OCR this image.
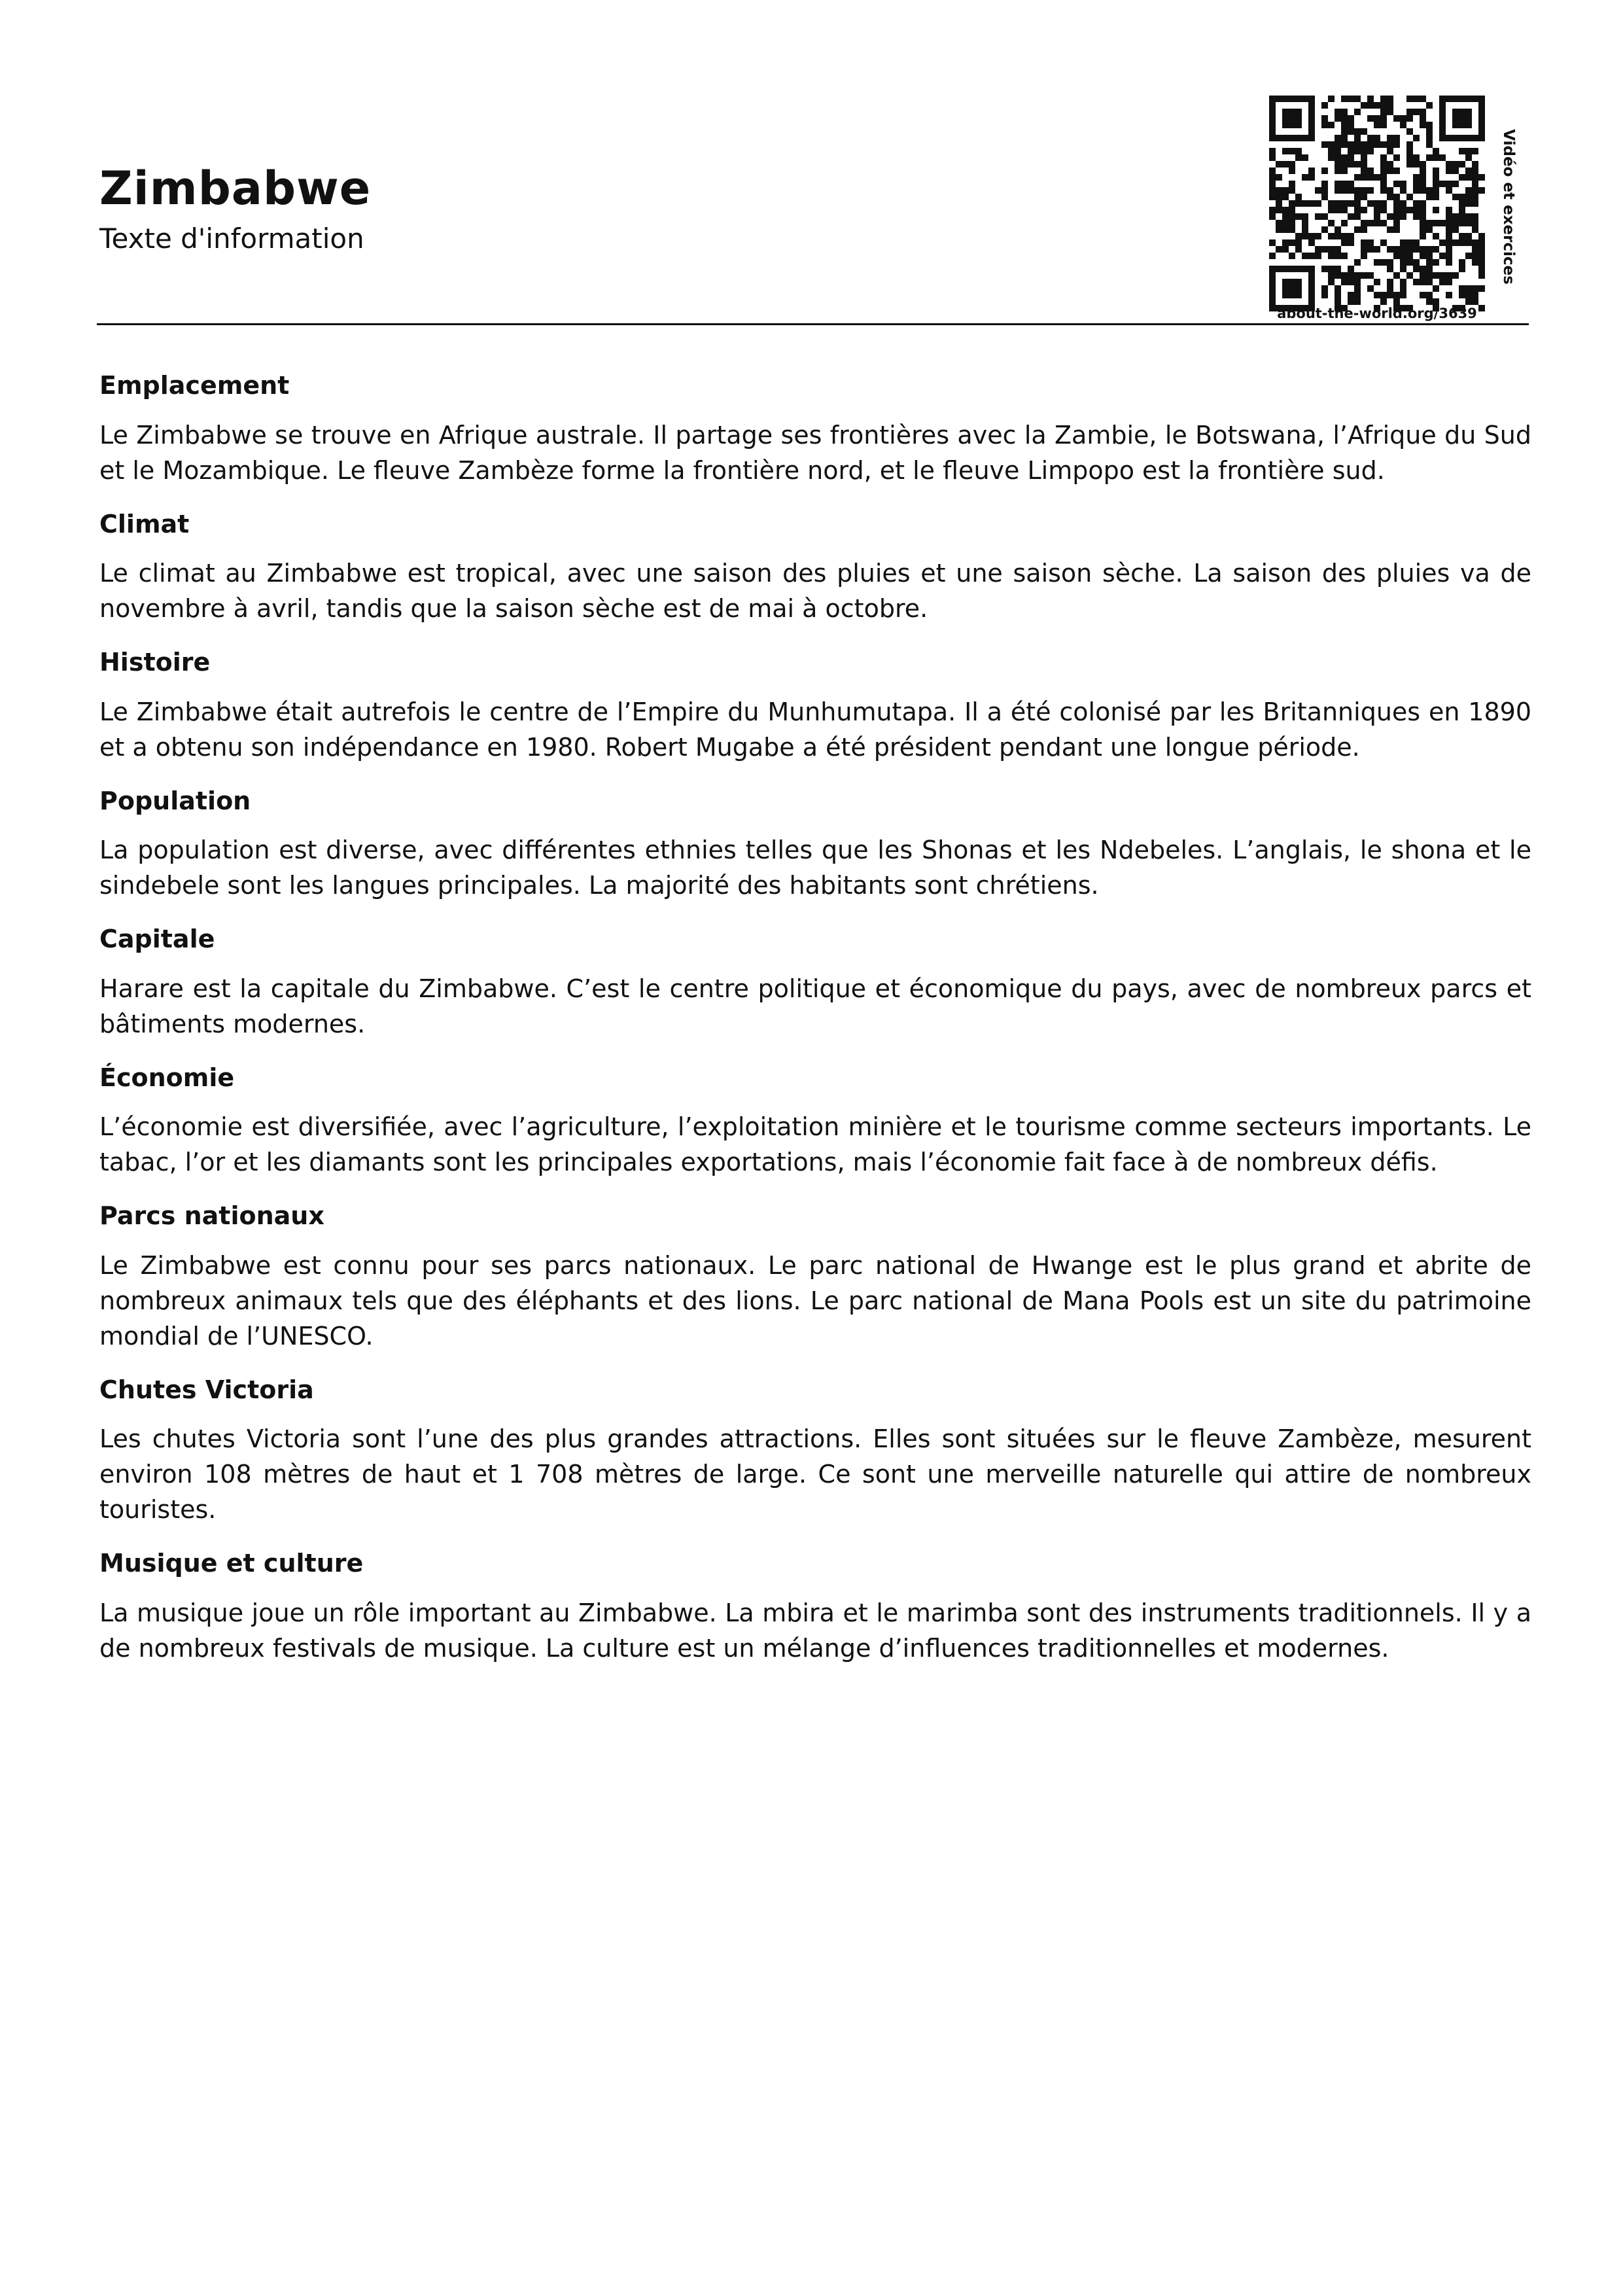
Zimbabwe
Texte d'information
about-the-world.org/3639
Vidéo et exercices
Emplacement

Le Zimbabwe se trouve en Afrique australe. Il partage ses frontières avec la Zambie, le Botswana, l’Afrique du Sud et le Mozambique. Le fleuve Zambèze forme la frontière nord, et le fleuve Limpopo est la frontière sud.

Climat

Le climat au Zimbabwe est tropical, avec une saison des pluies et une saison sèche. La saison des pluies va de novembre à avril, tandis que la saison sèche est de mai à octobre.

Histoire

Le Zimbabwe était autrefois le centre de l’Empire du Munhumutapa. Il a été colonisé par les Britanniques en 1890 et a obtenu son indépendance en 1980. Robert Mugabe a été président pendant une longue période.

Population

La population est diverse, avec différentes ethnies telles que les Shonas et les Ndebeles. L’anglais, le shona et le sindebele sont les langues principales. La majorité des habitants sont chrétiens.

Capitale

Harare est la capitale du Zimbabwe. C’est le centre politique et économique du pays, avec de nombreux parcs et bâtiments modernes.

Économie

L’économie est diversifiée, avec l’agriculture, l’exploitation minière et le tourisme comme secteurs importants. Le tabac, l’or et les diamants sont les principales exportations, mais l’économie fait face à de nombreux défis.

Parcs nationaux

Le Zimbabwe est connu pour ses parcs nationaux. Le parc national de Hwange est le plus grand et abrite de nombreux animaux tels que des éléphants et des lions. Le parc national de Mana Pools est un site du patrimoine mondial de l’UNESCO.

Chutes Victoria

Les chutes Victoria sont l’une des plus grandes attractions. Elles sont situées sur le fleuve Zambèze, mesurent environ 108 mètres de haut et 1 708 mètres de large. Ce sont une merveille naturelle qui attire de nombreux touristes.

Musique et culture

La musique joue un rôle important au Zimbabwe. La mbira et le marimba sont des instruments traditionnels. Il y a de nombreux festivals de musique. La culture est un mélange d’influences traditionnelles et modernes.
